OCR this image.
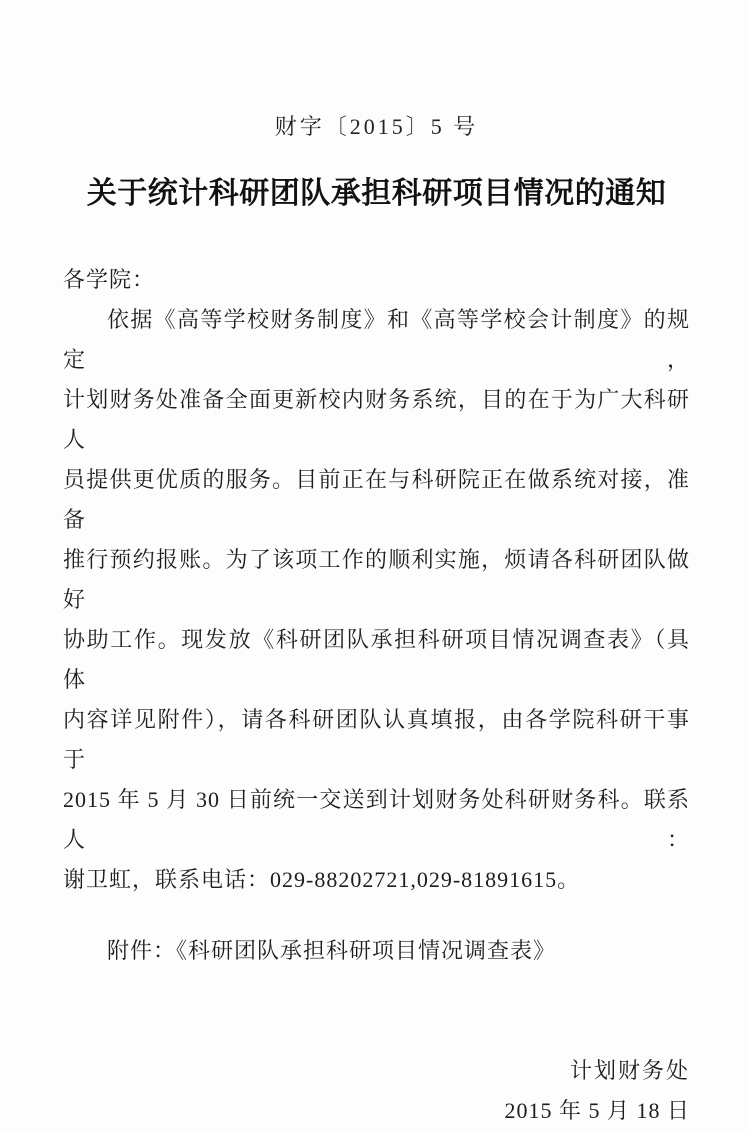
财字〔2015〕5 号
关于统计科研团队承担科研项目情况的通知
各学院：
依据《高等学校财务制度》和《高等学校会计制度》的规定，
计划财务处准备全面更新校内财务系统，目的在于为广大科研人
员提供更优质的服务。目前正在与科研院正在做系统对接，准备
推行预约报账。为了该项工作的顺利实施，烦请各科研团队做好
协助工作。现发放《科研团队承担科研项目情况调查表》（具体
内容详见附件），请各科研团队认真填报，由各学院科研干事于
2015 年 5 月 30 日前统一交送到计划财务处科研财务科。联系人：
谢卫虹，联系电话：029-88202721,029-81891615。
附件：《科研团队承担科研项目情况调查表》
计划财务处
2015 年 5 月 18 日
